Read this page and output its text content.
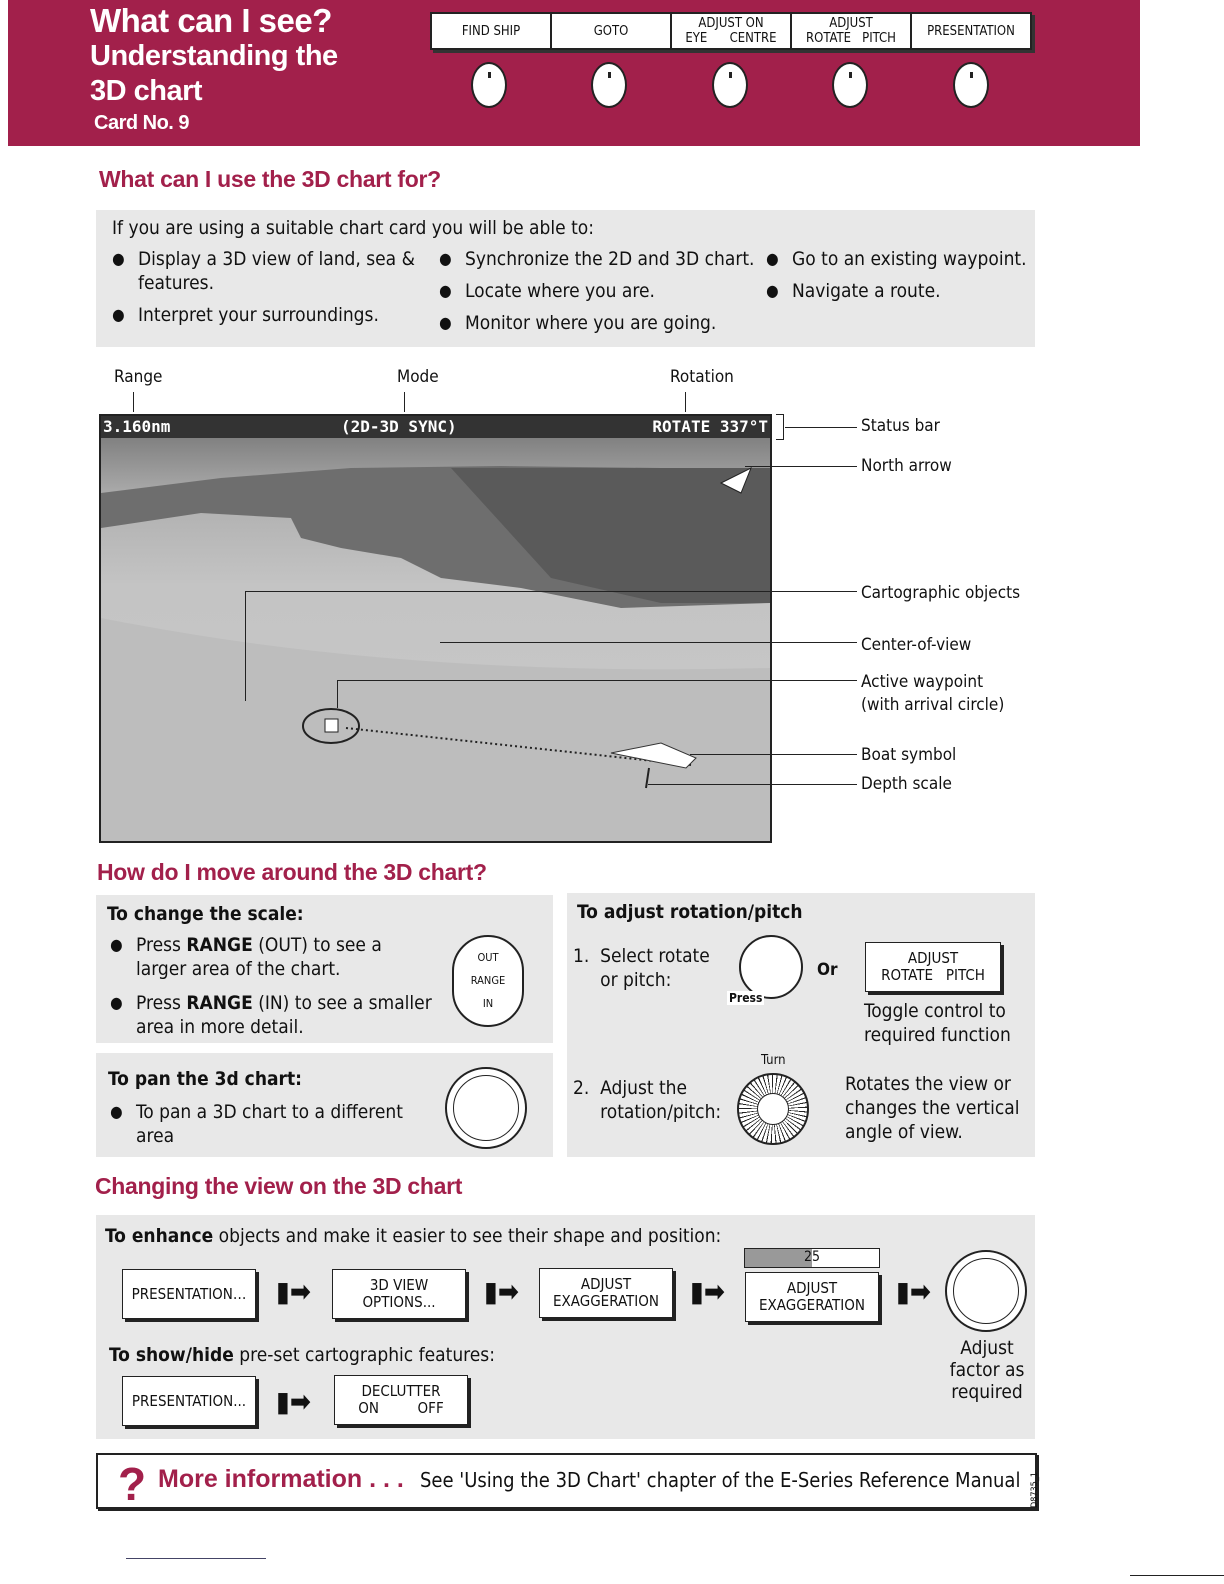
What can I see?
Understanding the
3D chart
Card No. 9
FIND SHIP	GOTO	ADJUST ON
EYE      CENTRE
ADJUST
ROTATE   PITCH	PRESENTATION
What can I use the 3D chart for?
If you are using a suitable chart card you will be able to:
● Display a 3D view of land, sea & features.
● Interpret your surroundings.
● Synchronize the 2D and 3D chart.
● Locate where you are.
● Monitor where you are going.
● Go to an existing waypoint.
● Navigate a route.
Range	Mode	Rotation
3.160nm	(2D-3D SYNC)	ROTATE 337°T	Status bar
North arrow
Cartographic objects
Center-of-view
Active waypoint
(with arrival circle)
Boat symbol
Depth scale
How do I move around the 3D chart?
To change the scale:
● Press RANGE (OUT) to see a larger area of the chart.
● Press RANGE (IN) to see a smaller area in more detail.
OUT
RANGE
IN
To pan the 3d chart:
● To pan a 3D chart to a different area
To adjust rotation/pitch
1.  Select rotate
or pitch:
Press
Or
ADJUST
ROTATE   PITCH
Toggle control to required function
Turn
2.  Adjust the
rotation/pitch:
Rotates the view or changes the vertical angle of view.
Changing the view on the 3D chart
To enhance objects and make it easier to see their shape and position:
PRESENTATION…	▮➡	3D VIEW
OPTIONS...	▮➡	ADJUST
EXAGGERATION	▮➡
25
ADJUST
EXAGGERATION	▮➡
Adjust factor as required
To show/hide pre-set cartographic features:
PRESENTATION...	▮➡	DECLUTTER
ON         OFF
? More information . . . See 'Using the 3D Chart' chapter of the E-Series Reference Manual D8735_1
